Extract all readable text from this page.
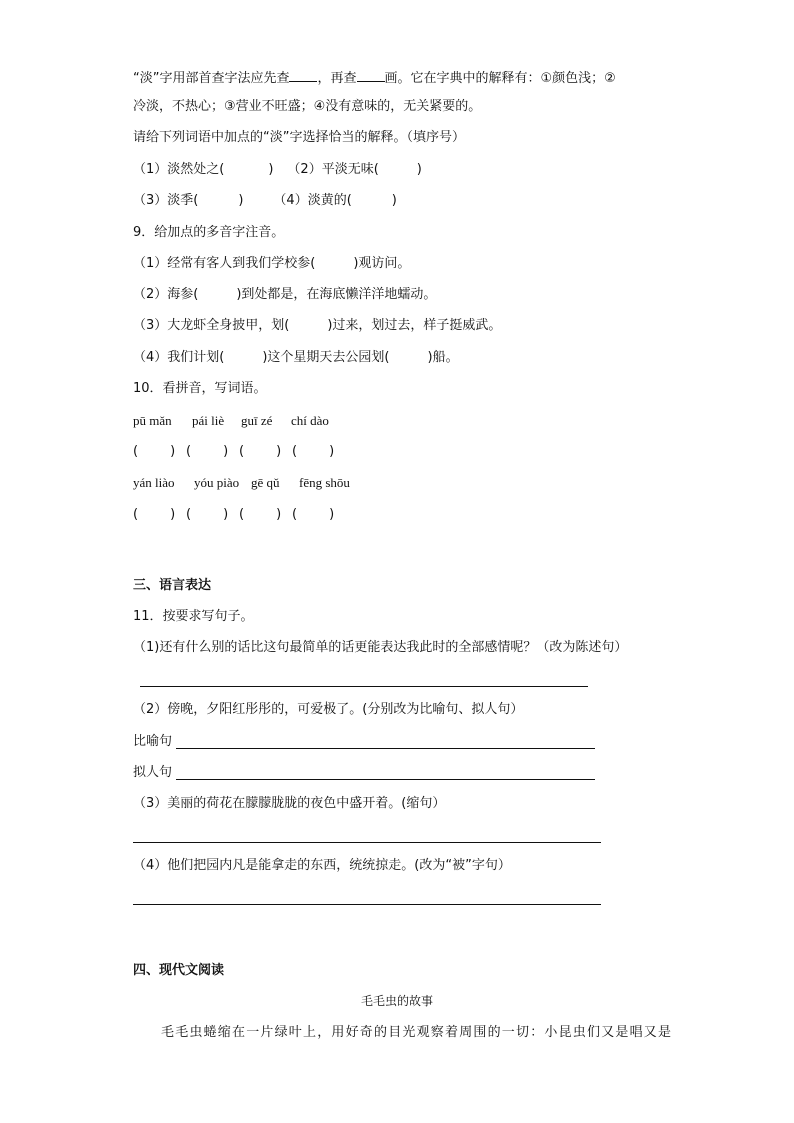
“淡”字用部首查字法应先查 ，再查 画。它在字典中的解释有：①颜色浅；②
冷淡，不热心；③营业不旺盛；④没有意味的，无关紧要的。
请给下列词语中加点的“淡”字选择恰当的解释。（填序号）
（1）淡然处之(	) （2）平淡无味(	)
（3）淡季(	) （4）淡黄的(	)
9．给加点的多音字注音。
（1）经常有客人到我们学校参(	)观访问。
（2）海参(	)到处都是，在海底懒洋洋地蠕动。
（3）大龙虾全身披甲，划(	)过来，划过去，样子挺威武。
（4）我们计划(	)这个星期天去公园划(	)船。
10．看拼音，写词语。
pū mǎn pái liè guī zé chí dào
( ) ( ) ( ) ( )
yán liào yóu piào gē qǔ fēng shōu
( ) ( ) ( ) ( )
三、语言表达
11．按要求写句子。
（1)还有什么别的话比这句最简单的话更能表达我此时的全部感情呢？（改为陈述句）
（2）傍晚，夕阳红彤彤的，可爱极了。(分别改为比喻句、拟人句）
比喻句
拟人句
（3）美丽的荷花在朦朦胧胧的夜色中盛开着。(缩句）
（4）他们把园内凡是能拿走的东西，统统掠走。(改为“被”字句）
四、现代文阅读
毛毛虫的故事
毛毛虫蜷缩在一片绿叶上，用好奇的目光观察着周围的一切：小昆虫们又是唱又是
